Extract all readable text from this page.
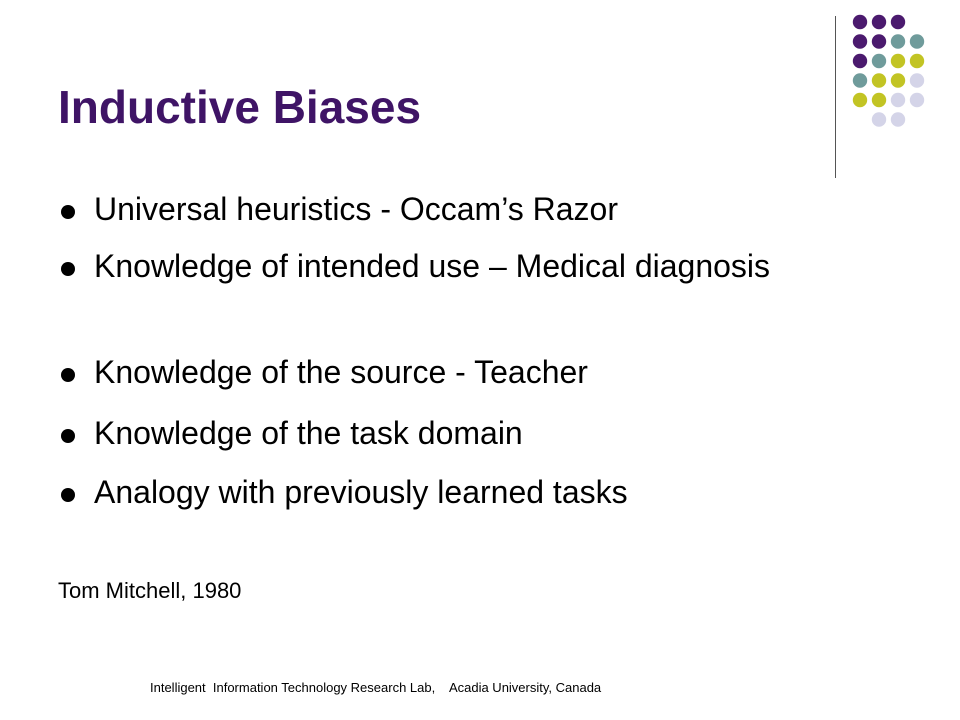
Inductive Biases
Universal heuristics - Occam’s Razor
Knowledge of intended use – Medical diagnosis
Knowledge of the source - Teacher
Knowledge of the task domain
Analogy with previously learned tasks
Tom Mitchell, 1980
Intelligent  Information Technology Research Lab,    Acadia University, Canada
